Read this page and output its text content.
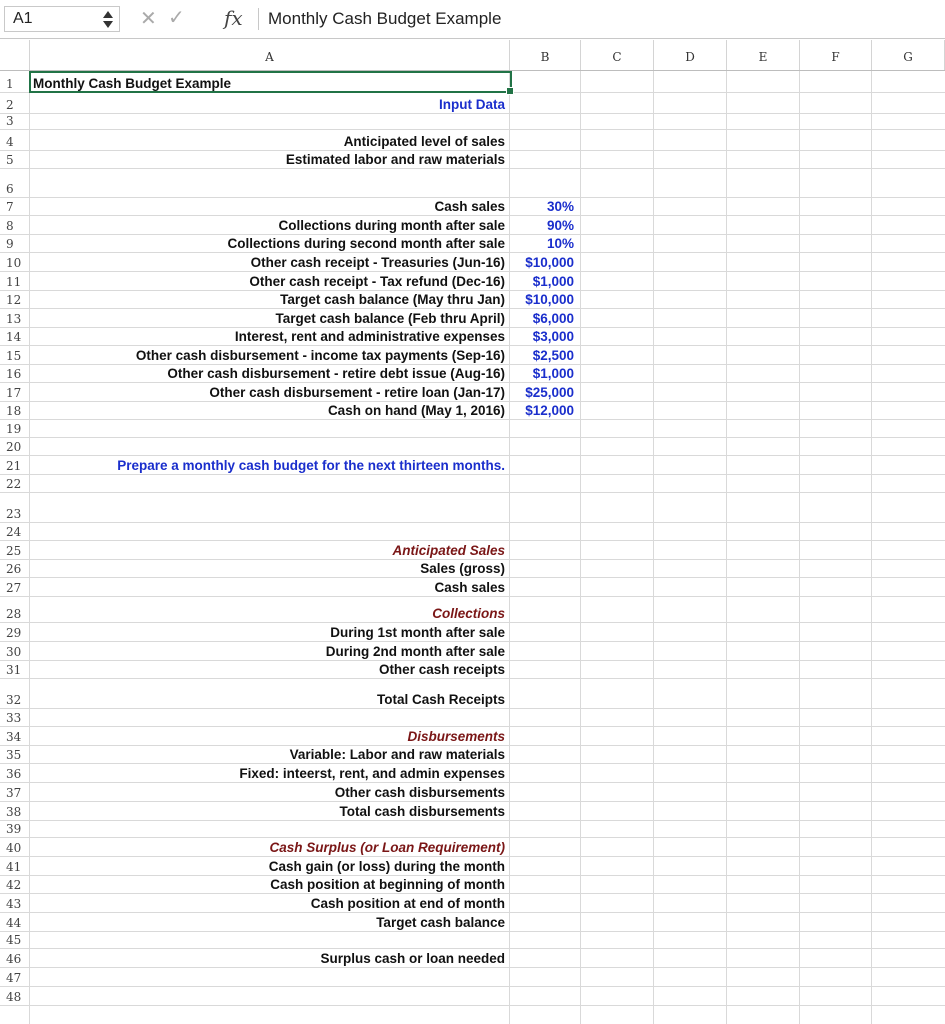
A1	✕ ✓ fx Monthly Cash Budget Example
A	B	C	D	E	F	G
1	Monthly Cash Budget Example
2	Input Data
3
4	Anticipated level of sales
5	Estimated labor and raw materials
6
7	Cash sales	30%
8	Collections during month after sale	90%
9	Collections during second month after sale	10%
10	Other cash receipt - Treasuries (Jun-16)	$10,000
11	Other cash receipt - Tax refund (Dec-16)	$1,000
12	Target cash balance (May thru Jan)	$10,000
13	Target cash balance (Feb thru April)	$6,000
14	Interest, rent and administrative expenses	$3,000
15	Other cash disbursement - income tax payments (Sep-16)	$2,500
16	Other cash disbursement - retire debt issue (Aug-16)	$1,000
17	Other cash disbursement - retire loan (Jan-17)	$25,000
18	Cash on hand (May 1, 2016)	$12,000
19
20
21	Prepare a monthly cash budget for the next thirteen months.
22
23
24
25	Anticipated Sales
26	Sales (gross)
27	Cash sales
28	Collections
29	During 1st month after sale
30	During 2nd month after sale
31	Other cash receipts
32	Total Cash Receipts
33
34	Disbursements
35	Variable: Labor and raw materials
36	Fixed: inteerst, rent, and admin expenses
37	Other cash disbursements
38	Total cash disbursements
39
40	Cash Surplus (or Loan Requirement)
41	Cash gain (or loss) during the month
42	Cash position at beginning of month
43	Cash position at end of month
44	Target cash balance
45
46	Surplus cash or loan needed
47
48
